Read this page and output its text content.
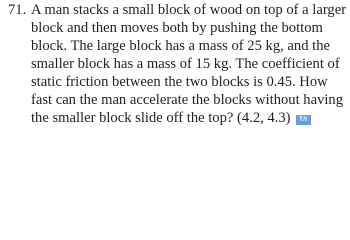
71. A man stacks a small block of wood on top of a larger
block and then moves both by pushing the bottom
block. The large block has a mass of 25 kg, and the
smaller block has a mass of 15 kg. The coefficient of
static friction between the two blocks is 0.45. How
fast can the man accelerate the blocks without having
the smaller block slide off the top? (4.2, 4.3) T/I
